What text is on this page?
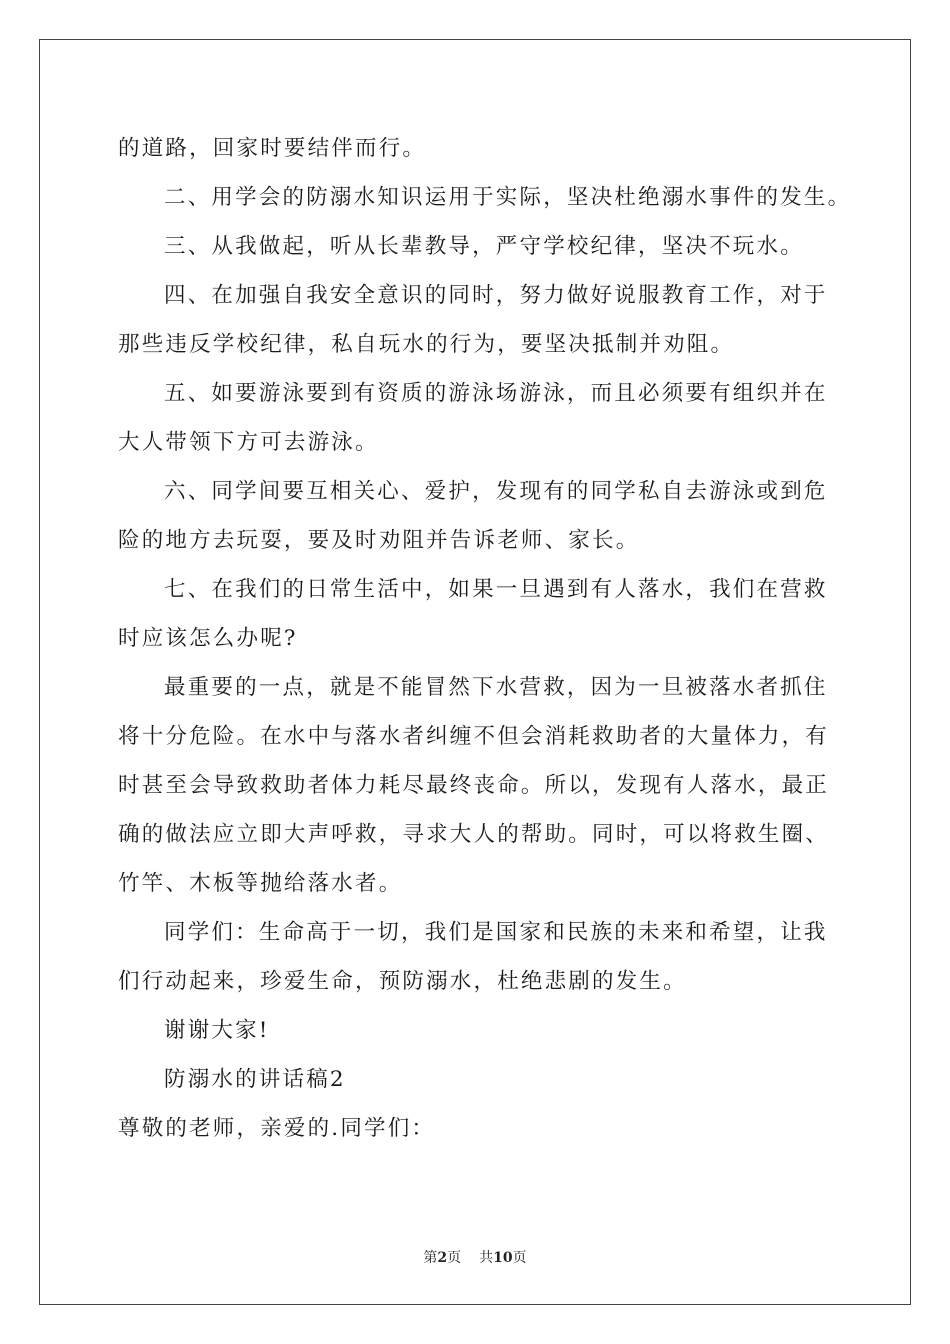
的道路，回家时要结伴而行。
二、用学会的防溺水知识运用于实际，坚决杜绝溺水事件的发生。
三、从我做起，听从长辈教导，严守学校纪律，坚决不玩水。
四、在加强自我安全意识的同时，努力做好说服教育工作，对于
那些违反学校纪律，私自玩水的行为，要坚决抵制并劝阻。
五、如要游泳要到有资质的游泳场游泳，而且必须要有组织并在
大人带领下方可去游泳。
六、同学间要互相关心、爱护，发现有的同学私自去游泳或到危
险的地方去玩耍，要及时劝阻并告诉老师、家长。
七、在我们的日常生活中，如果一旦遇到有人落水，我们在营救
时应该怎么办呢?
最重要的一点，就是不能冒然下水营救，因为一旦被落水者抓住
将十分危险。在水中与落水者纠缠不但会消耗救助者的大量体力，有
时甚至会导致救助者体力耗尽最终丧命。所以，发现有人落水，最正
确的做法应立即大声呼救，寻求大人的帮助。同时，可以将救生圈、
竹竿、木板等抛给落水者。
同学们：生命高于一切，我们是国家和民族的未来和希望，让我
们行动起来，珍爱生命，预防溺水，杜绝悲剧的发生。
谢谢大家!
防溺水的讲话稿2
尊敬的老师，亲爱的.同学们：
第2页 共10页
